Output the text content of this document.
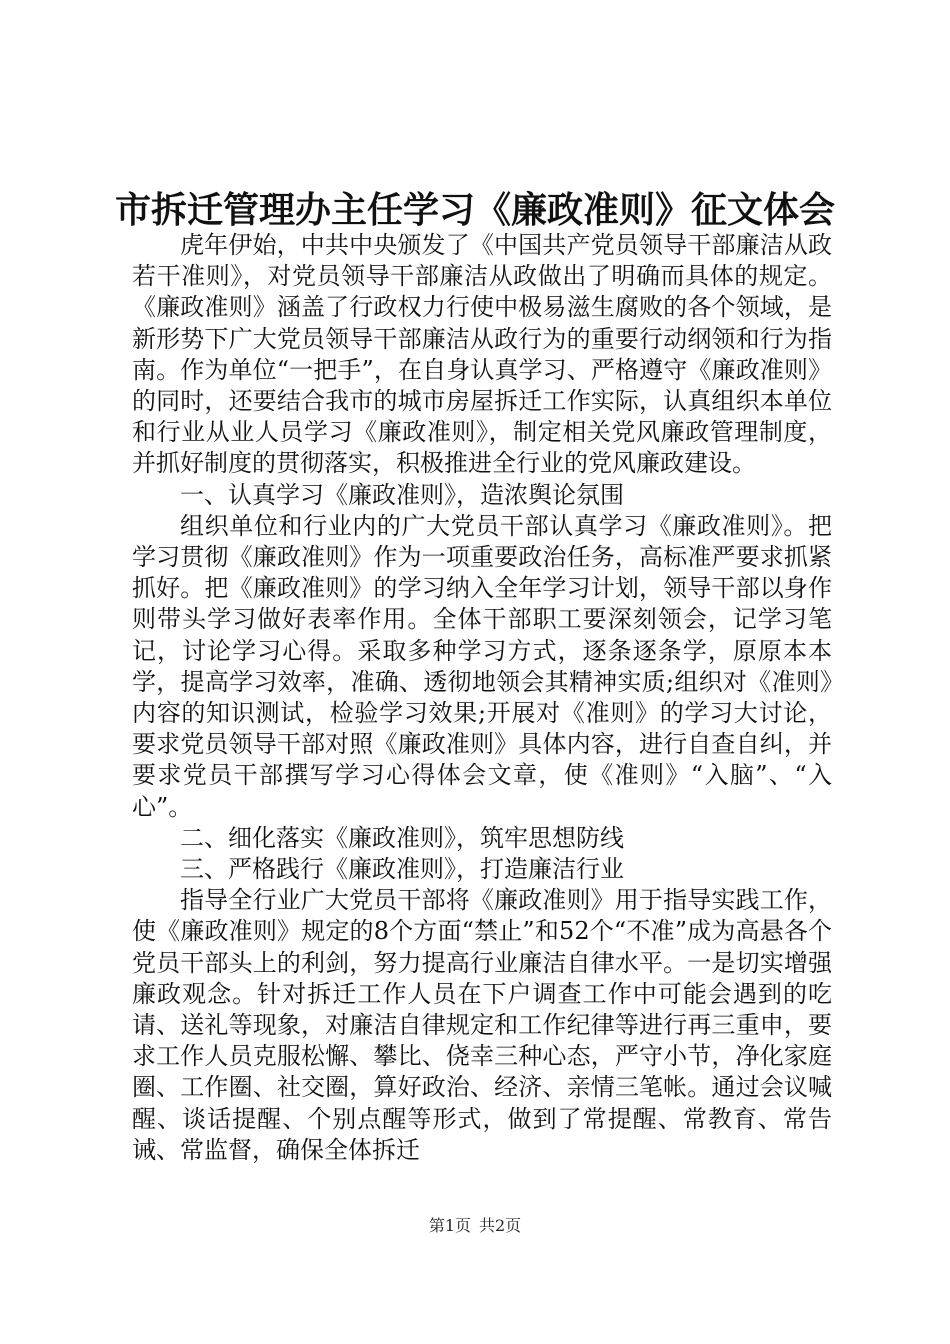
市拆迁管理办主任学习《廉政准则》征文体会

虎年伊始，中共中央颁发了《中国共产党员领导干部廉洁从政若干准则》，对党员领导干部廉洁从政做出了明确而具体的规定。《廉政准则》涵盖了行政权力行使中极易滋生腐败的各个领域，是新形势下广大党员领导干部廉洁从政行为的重要行动纲领和行为指南。作为单位“一把手”，在自身认真学习、严格遵守《廉政准则》的同时，还要结合我市的城市房屋拆迁工作实际，认真组织本单位和行业从业人员学习《廉政准则》，制定相关党风廉政管理制度，并抓好制度的贯彻落实，积极推进全行业的党风廉政建设。

一、认真学习《廉政准则》，造浓舆论氛围

组织单位和行业内的广大党员干部认真学习《廉政准则》。把学习贯彻《廉政准则》作为一项重要政治任务，高标准严要求抓紧抓好。把《廉政准则》的学习纳入全年学习计划，领导干部以身作则带头学习做好表率作用。全体干部职工要深刻领会，记学习笔记，讨论学习心得。采取多种学习方式，逐条逐条学，原原本本学，提高学习效率，准确、透彻地领会其精神实质;组织对《准则》内容的知识测试，检验学习效果;开展对《准则》的学习大讨论，要求党员领导干部对照《廉政准则》具体内容，进行自查自纠，并要求党员干部撰写学习心得体会文章，使《准则》“入脑”、“入心”。

二、细化落实《廉政准则》，筑牢思想防线

三、严格践行《廉政准则》，打造廉洁行业

指导全行业广大党员干部将《廉政准则》用于指导实践工作，使《廉政准则》规定的8个方面“禁止”和52个“不准”成为高悬各个党员干部头上的利剑，努力提高行业廉洁自律水平。一是切实增强廉政观念。针对拆迁工作人员在下户调查工作中可能会遇到的吃请、送礼等现象，对廉洁自律规定和工作纪律等进行再三重申，要求工作人员克服松懈、攀比、侥幸三种心态，严守小节，净化家庭圈、工作圈、社交圈，算好政治、经济、亲情三笔帐。通过会议喊醒、谈话提醒、个别点醒等形式，做到了常提醒、常教育、常告诫、常监督，确保全体拆迁

第1页 共2页
